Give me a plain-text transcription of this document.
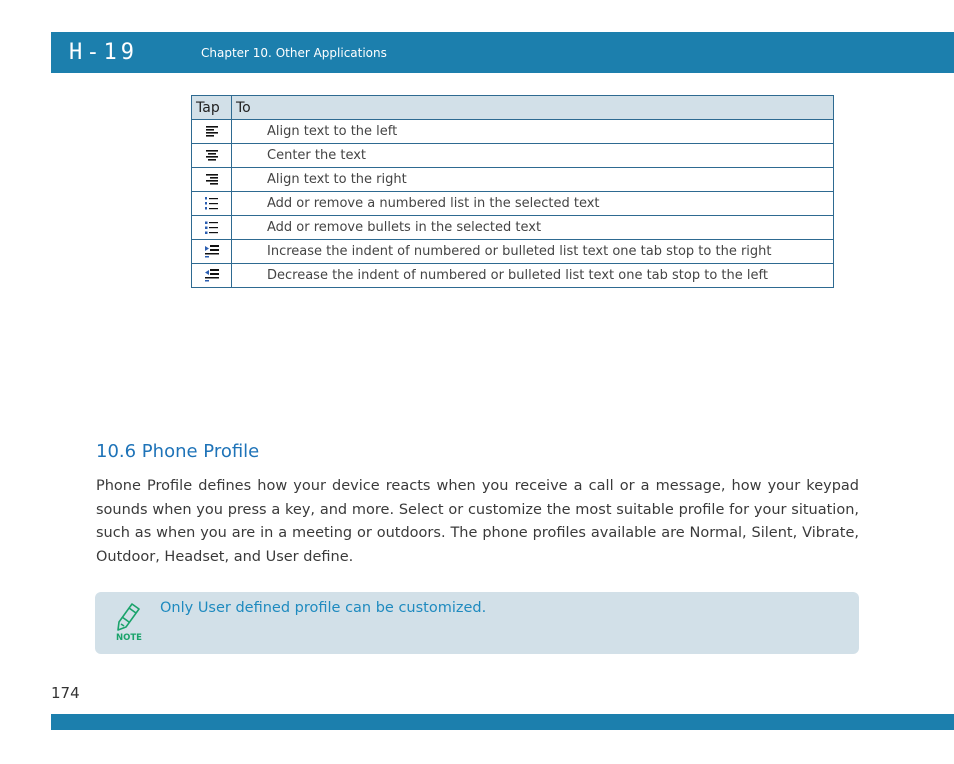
H-19	Chapter 10. Other Applications
Tap	To

	Align text to the left

	Center the text

	Align text to the right

	Add or remove a numbered list in the selected text

	Add or remove bullets in the selected text

	Increase the indent of numbered or bulleted list text one tab stop to the right

	Decrease the indent of numbered or bulleted list text one tab stop to the left
10.6 Phone Profile

Phone Profile defines how your device reacts when you receive a call or a message, how your keypad sounds when you press a key, and more. Select or customize the most suitable profile for your situation, such as when you are in a meeting or outdoors. The phone profiles available are Normal, Silent, Vibrate, Outdoor, Headset, and User define.

NOTE
Only User defined profile can be customized.
174
